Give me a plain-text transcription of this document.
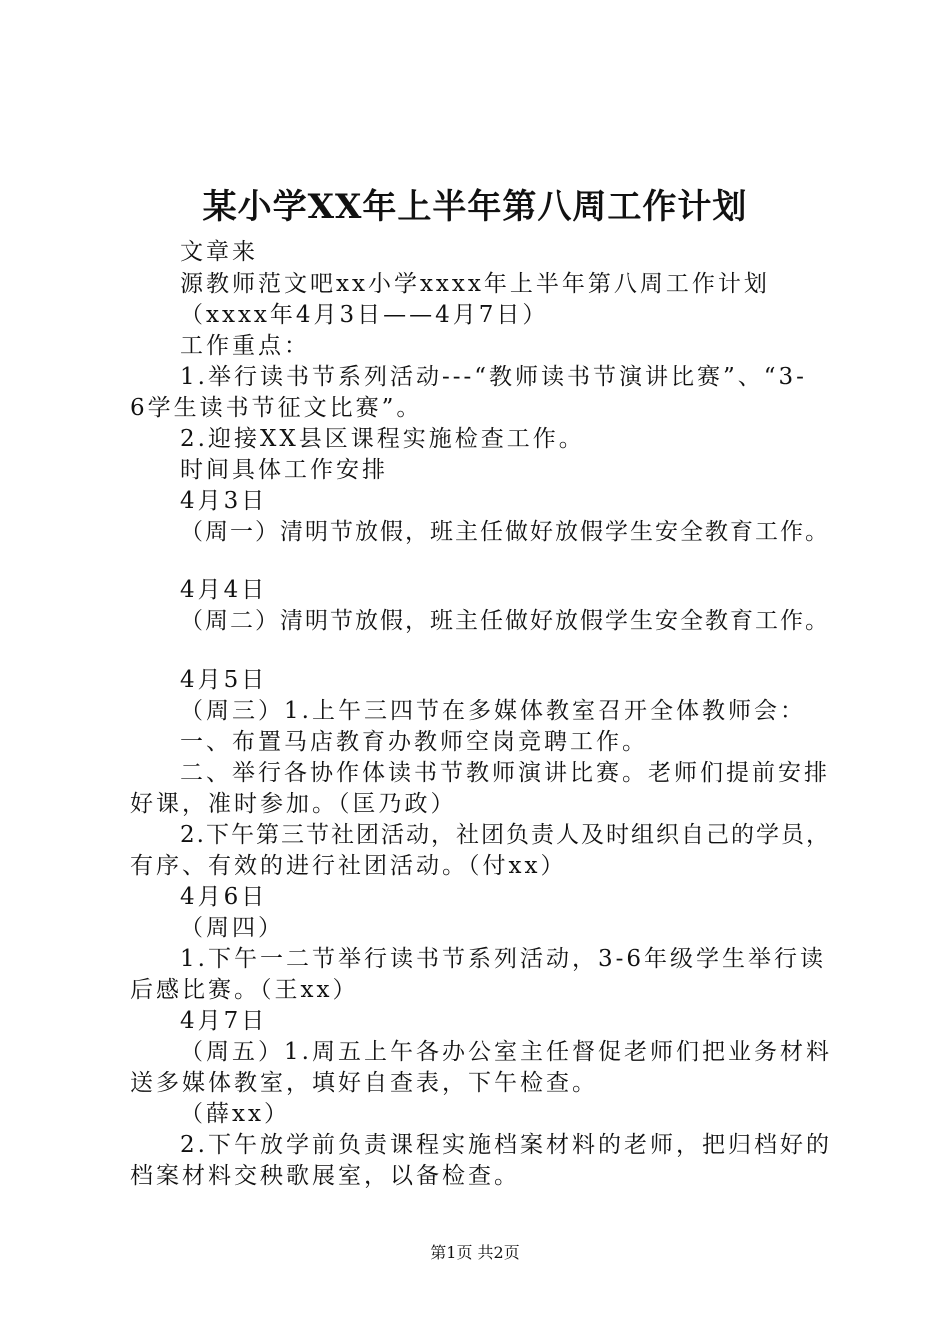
某小学XX年上半年第八周工作计划
文章来
源教师范文吧xx小学xxxx年上半年第八周工作计划
（xxxx年4月3日——4月7日）
工作重点：
1.举行读书节系列活动---“教师读书节演讲比赛”、“3-
6学生读书节征文比赛”。
2.迎接XX县区课程实施检查工作。
时间具体工作安排
4月3日
（周一）清明节放假，班主任做好放假学生安全教育工作。
4月4日
（周二）清明节放假，班主任做好放假学生安全教育工作。
4月5日
（周三）1.上午三四节在多媒体教室召开全体教师会：
一、布置马店教育办教师空岗竞聘工作。
二、举行各协作体读书节教师演讲比赛。老师们提前安排
好课，准时参加。（匡乃政）
2.下午第三节社团活动，社团负责人及时组织自己的学员，
有序、有效的进行社团活动。（付xx）
4月6日
（周四）
1.下午一二节举行读书节系列活动，3-6年级学生举行读
后感比赛。（王xx）
4月7日
（周五）1.周五上午各办公室主任督促老师们把业务材料
送多媒体教室，填好自查表，下午检查。
（薛xx）
2.下午放学前负责课程实施档案材料的老师，把归档好的
档案材料交秧歌展室，以备检查。
第1页 共2页
